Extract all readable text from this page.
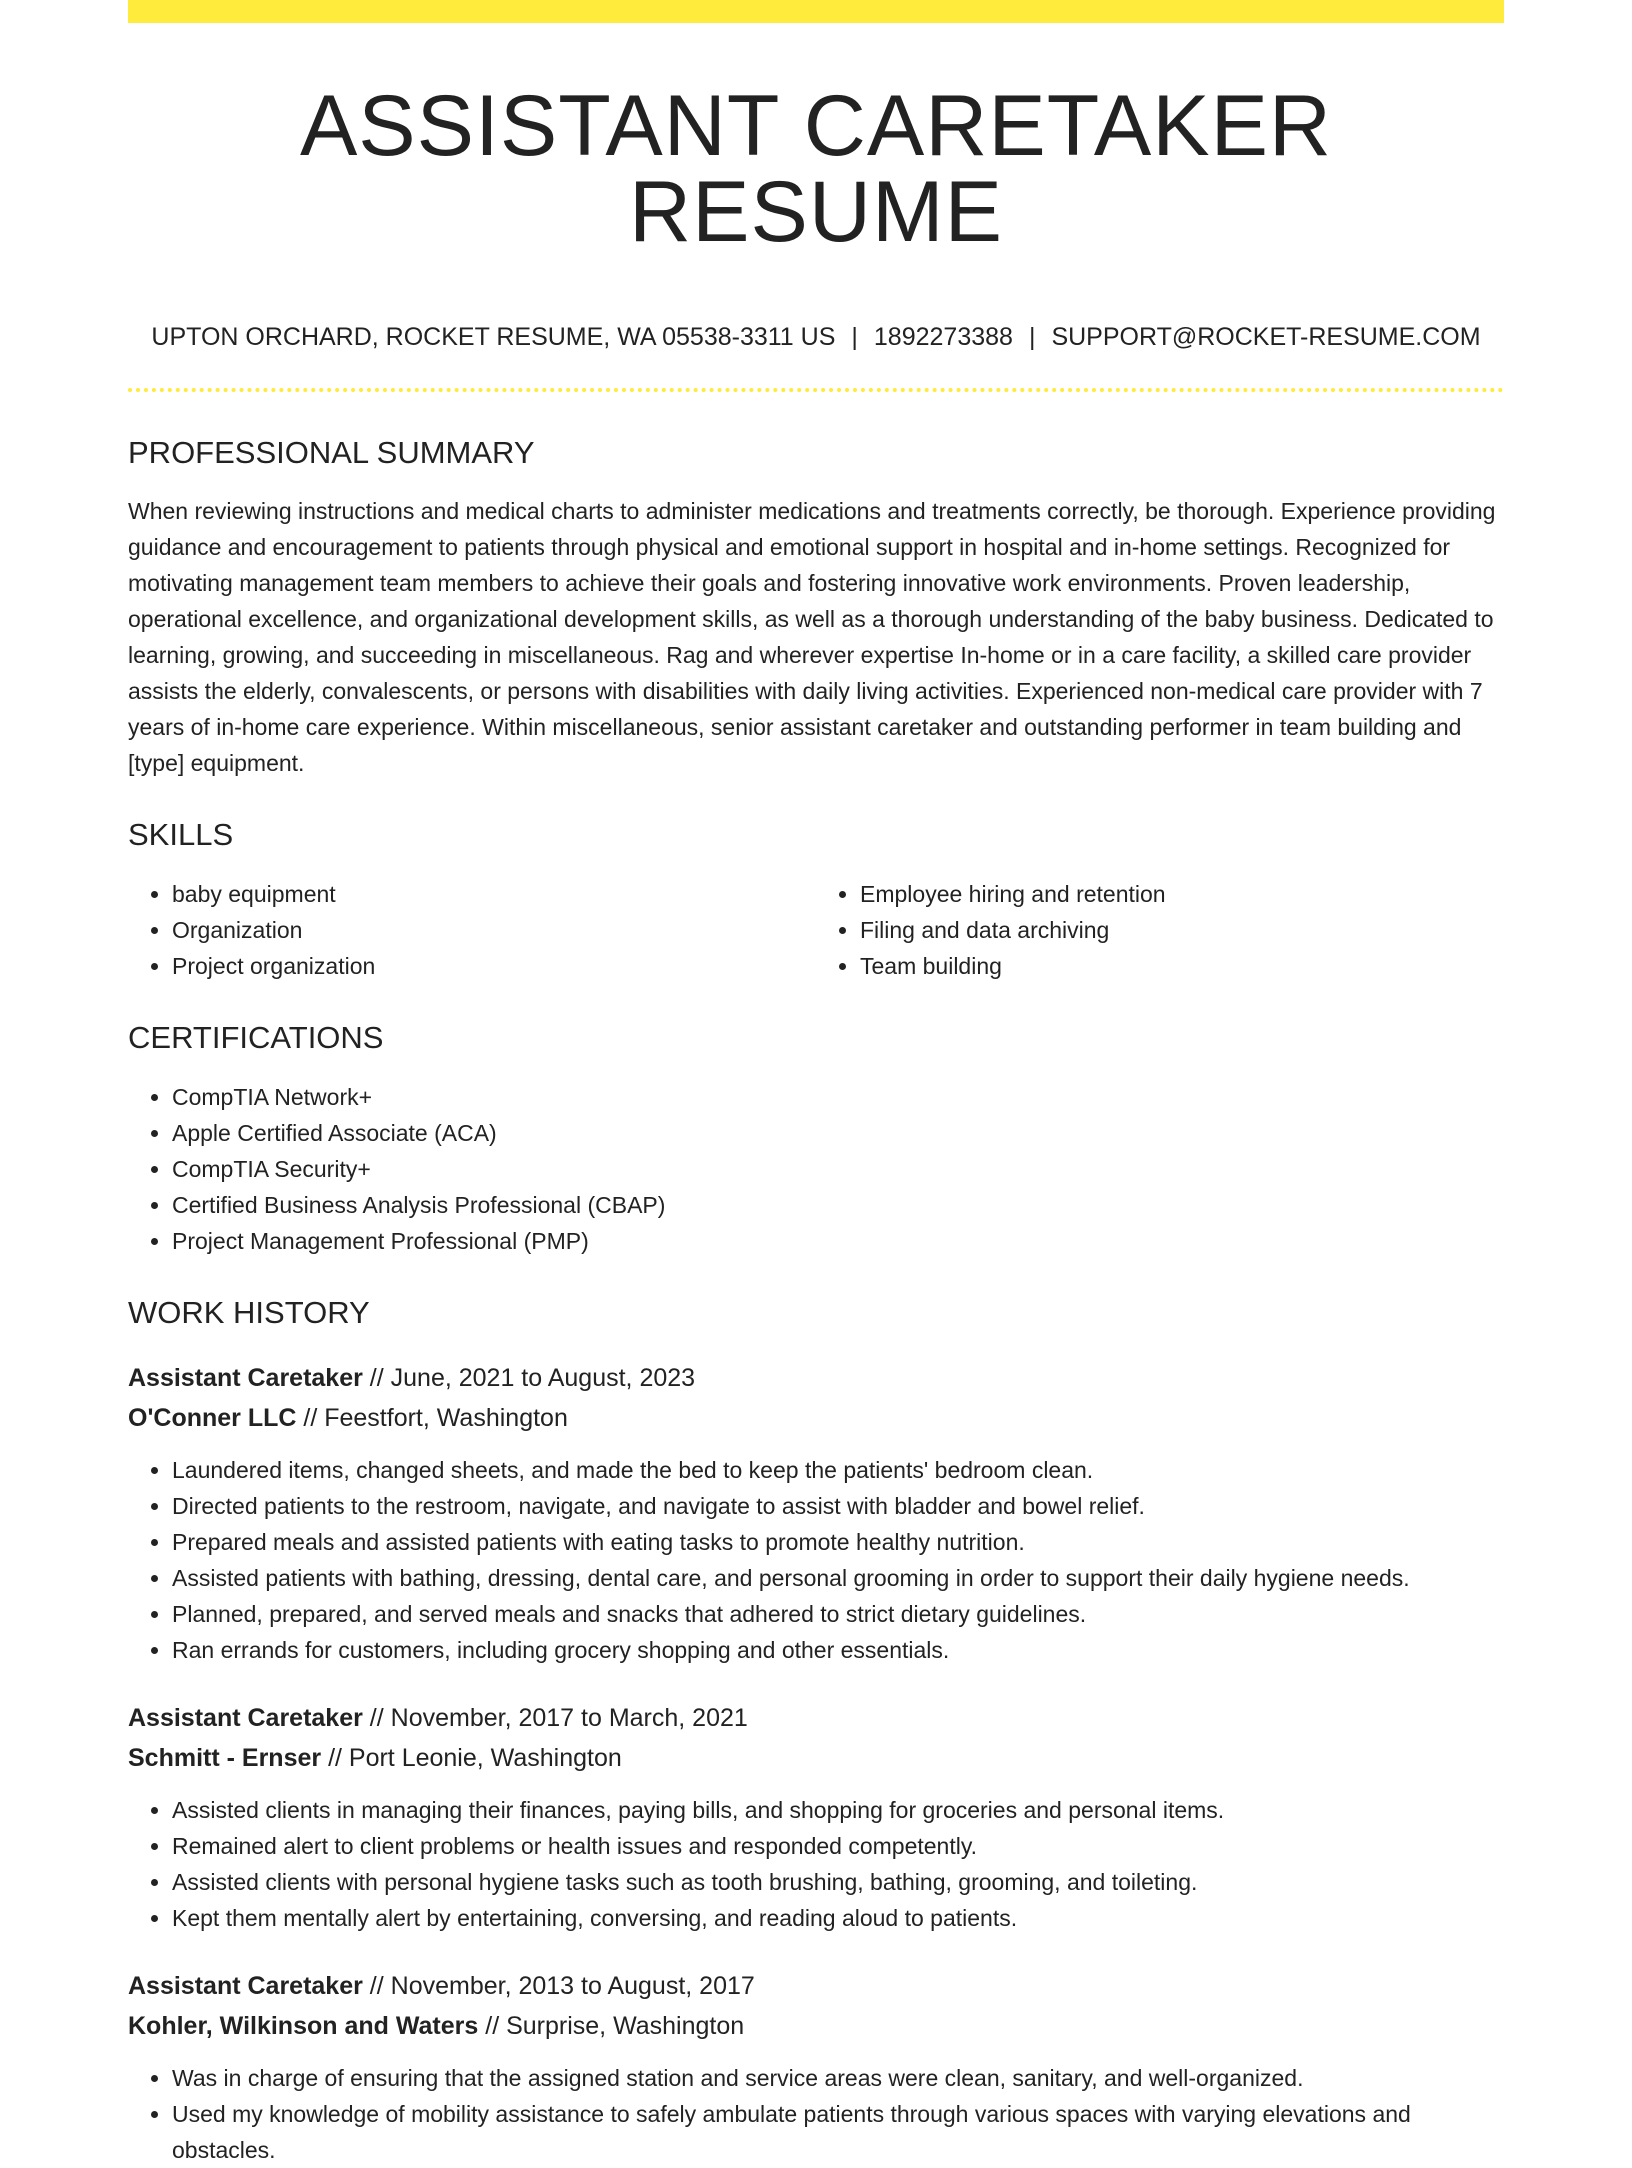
ASSISTANT CARETAKER RESUME
UPTON ORCHARD, ROCKET RESUME, WA 05538-3311 US | 1892273388 | SUPPORT@ROCKET-RESUME.COM
PROFESSIONAL SUMMARY
When reviewing instructions and medical charts to administer medications and treatments correctly, be thorough. Experience providing guidance and encouragement to patients through physical and emotional support in hospital and in-home settings. Recognized for motivating management team members to achieve their goals and fostering innovative work environments. Proven leadership, operational excellence, and organizational development skills, as well as a thorough understanding of the baby business. Dedicated to learning, growing, and succeeding in miscellaneous. Rag and wherever expertise In-home or in a care facility, a skilled care provider assists the elderly, convalescents, or persons with disabilities with daily living activities. Experienced non-medical care provider with 7 years of in-home care experience. Within miscellaneous, senior assistant caretaker and outstanding performer in team building and [type] equipment.
SKILLS
• baby equipment
• Organization
• Project organization
• Employee hiring and retention
• Filing and data archiving
• Team building
CERTIFICATIONS
• CompTIA Network+
• Apple Certified Associate (ACA)
• CompTIA Security+
• Certified Business Analysis Professional (CBAP)
• Project Management Professional (PMP)
WORK HISTORY
Assistant Caretaker // June, 2021 to August, 2023
O'Conner LLC // Feestfort, Washington
• Laundered items, changed sheets, and made the bed to keep the patients' bedroom clean.
• Directed patients to the restroom, navigate, and navigate to assist with bladder and bowel relief.
• Prepared meals and assisted patients with eating tasks to promote healthy nutrition.
• Assisted patients with bathing, dressing, dental care, and personal grooming in order to support their daily hygiene needs.
• Planned, prepared, and served meals and snacks that adhered to strict dietary guidelines.
• Ran errands for customers, including grocery shopping and other essentials.
Assistant Caretaker // November, 2017 to March, 2021
Schmitt - Ernser // Port Leonie, Washington
• Assisted clients in managing their finances, paying bills, and shopping for groceries and personal items.
• Remained alert to client problems or health issues and responded competently.
• Assisted clients with personal hygiene tasks such as tooth brushing, bathing, grooming, and toileting.
• Kept them mentally alert by entertaining, conversing, and reading aloud to patients.
Assistant Caretaker // November, 2013 to August, 2017
Kohler, Wilkinson and Waters // Surprise, Washington
• Was in charge of ensuring that the assigned station and service areas were clean, sanitary, and well-organized.
• Used my knowledge of mobility assistance to safely ambulate patients through various spaces with varying elevations and obstacles.
